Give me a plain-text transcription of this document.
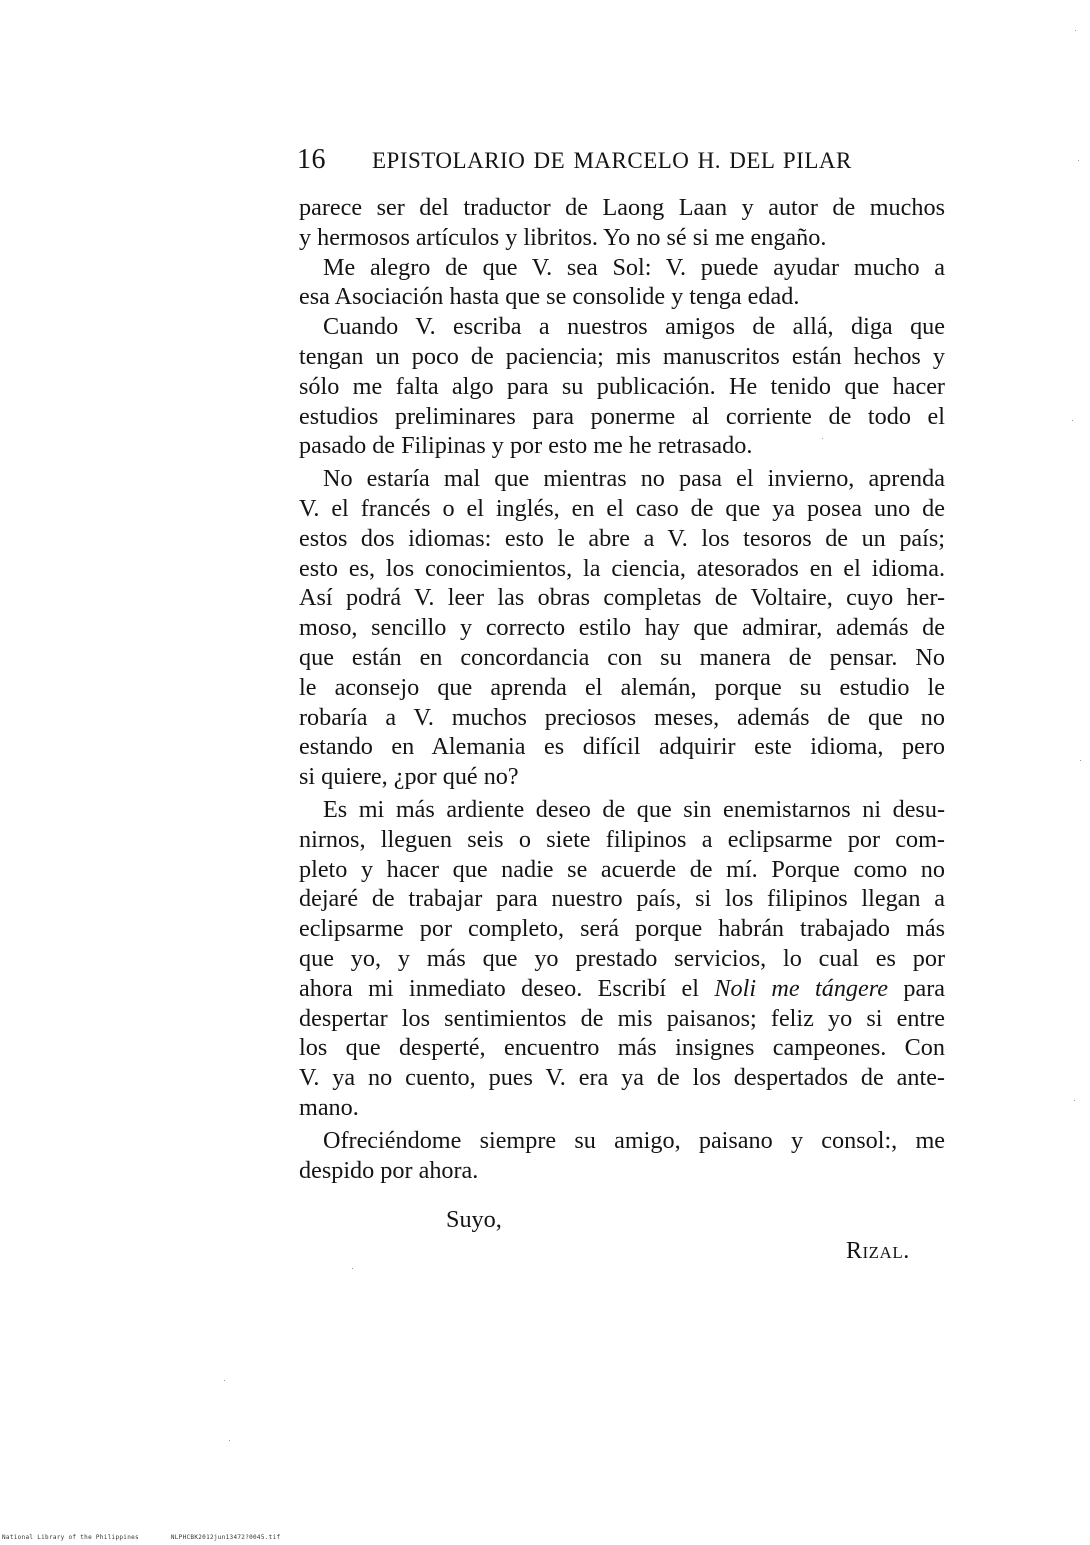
16 EPISTOLARIO DE MARCELO H. DEL PILAR
parece ser del traductor de Laong Laan y autor de muchos
y hermosos artículos y libritos. Yo no sé si me engaño.
Me alegro de que V. sea Sol: V. puede ayudar mucho a
esa Asociación hasta que se consolide y tenga edad.
Cuando V. escriba a nuestros amigos de allá, diga que
tengan un poco de paciencia; mis manuscritos están hechos y
sólo me falta algo para su publicación. He tenido que hacer
estudios preliminares para ponerme al corriente de todo el
pasado de Filipinas y por esto me he retrasado.
No estaría mal que mientras no pasa el invierno, aprenda
V. el francés o el inglés, en el caso de que ya posea uno de
estos dos idiomas: esto le abre a V. los tesoros de un país;
esto es, los conocimientos, la ciencia, atesorados en el idioma.
Así podrá V. leer las obras completas de Voltaire, cuyo her-
moso, sencillo y correcto estilo hay que admirar, además de
que están en concordancia con su manera de pensar. No
le aconsejo que aprenda el alemán, porque su estudio le
robaría a V. muchos preciosos meses, además de que no
estando en Alemania es difícil adquirir este idioma, pero
si quiere, ¿por qué no?
Es mi más ardiente deseo de que sin enemistarnos ni desu-
nirnos, lleguen seis o siete filipinos a eclipsarme por com-
pleto y hacer que nadie se acuerde de mí. Porque como no
dejaré de trabajar para nuestro país, si los filipinos llegan a
eclipsarme por completo, será porque habrán trabajado más
que yo, y más que yo prestado servicios, lo cual es por
ahora mi inmediato deseo. Escribí el Noli me tángere para
despertar los sentimientos de mis paisanos; feliz yo si entre
los que desperté, encuentro más insignes campeones. Con
V. ya no cuento, pues V. era ya de los despertados de ante-
mano.
Ofreciéndome siempre su amigo, paisano y consol:, me
despido por ahora.
Suyo,
Rizal.
National Library of the Philippines	NLPHCBK2012jun13472?0045.tif
